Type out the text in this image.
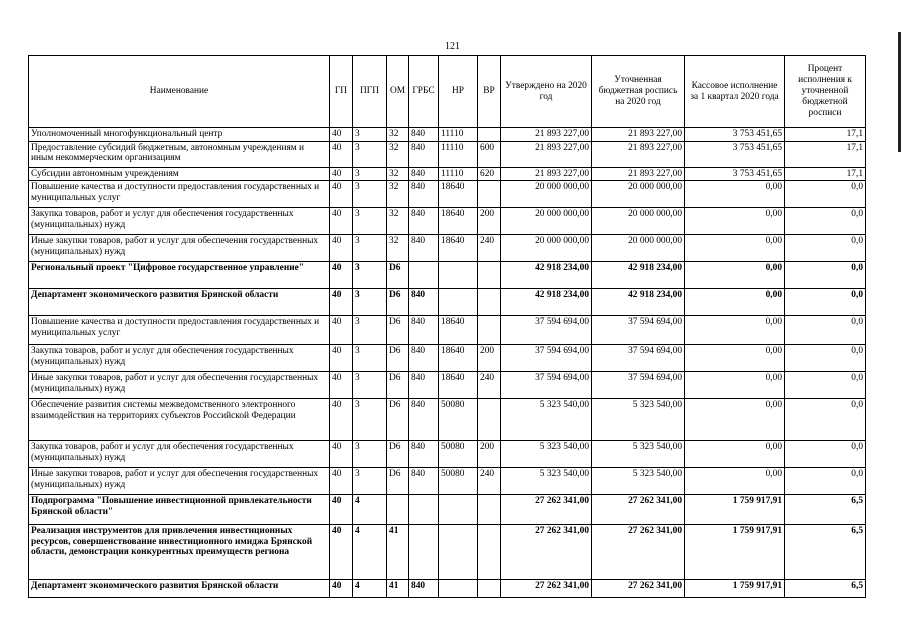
121
Наименование	ГП	ПГП	ОМ	ГРБС	НР	ВР	Утверждено на 2020 год	Уточненная бюджетная роспись на 2020 год	Кассовое исполнение за 1 квартал 2020 года	Процент исполнения к уточненной бюджетной росписи
Уполномоченный многофункциональный центр	40	3	32	840	11110		21 893 227,00	21 893 227,00	3 753 451,65	17,1
Предоставление субсидий бюджетным, автономным учреждениям и иным некоммерческим организациям	40	3	32	840	11110	600	21 893 227,00	21 893 227,00	3 753 451,65	17,1
Субсидии автономным учреждениям	40	3	32	840	11110	620	21 893 227,00	21 893 227,00	3 753 451,65	17,1
Повышение качества и доступности предоставления государственных и муниципальных услуг	40	3	32	840	18640		20 000 000,00	20 000 000,00	0,00	0,0
Закупка товаров, работ и услуг для обеспечения государственных (муниципальных) нужд	40	3	32	840	18640	200	20 000 000,00	20 000 000,00	0,00	0,0
Иные закупки товаров, работ и услуг для обеспечения государственных (муниципальных) нужд	40	3	32	840	18640	240	20 000 000,00	20 000 000,00	0,00	0,0
Региональный проект "Цифровое государственное управление"	40	3	D6				42 918 234,00	42 918 234,00	0,00	0,0
Департамент экономического развития Брянской области	40	3	D6	840			42 918 234,00	42 918 234,00	0,00	0,0
Повышение качества и доступности предоставления государственных и муниципальных услуг	40	3	D6	840	18640		37 594 694,00	37 594 694,00	0,00	0,0
Закупка товаров, работ и услуг для обеспечения государственных (муниципальных) нужд	40	3	D6	840	18640	200	37 594 694,00	37 594 694,00	0,00	0,0
Иные закупки товаров, работ и услуг для обеспечения государственных (муниципальных) нужд	40	3	D6	840	18640	240	37 594 694,00	37 594 694,00	0,00	0,0
Обеспечение развития системы межведомственного электронного взаимодействия на территориях субъектов Российской Федерации	40	3	D6	840	50080		5 323 540,00	5 323 540,00	0,00	0,0
Закупка товаров, работ и услуг для обеспечения государственных (муниципальных) нужд	40	3	D6	840	50080	200	5 323 540,00	5 323 540,00	0,00	0,0
Иные закупки товаров, работ и услуг для обеспечения государственных (муниципальных) нужд	40	3	D6	840	50080	240	5 323 540,00	5 323 540,00	0,00	0,0
Подпрограмма "Повышение инвестиционной привлекательности Брянской области"	40	4					27 262 341,00	27 262 341,00	1 759 917,91	6,5
Реализация инструментов для привлечения инвестиционных ресурсов, совершенствование инвестиционного имиджа Брянской области, демонстрация конкурентных преимуществ региона	40	4	41				27 262 341,00	27 262 341,00	1 759 917,91	6,5
Департамент экономического развития Брянской области	40	4	41	840			27 262 341,00	27 262 341,00	1 759 917,91	6,5
